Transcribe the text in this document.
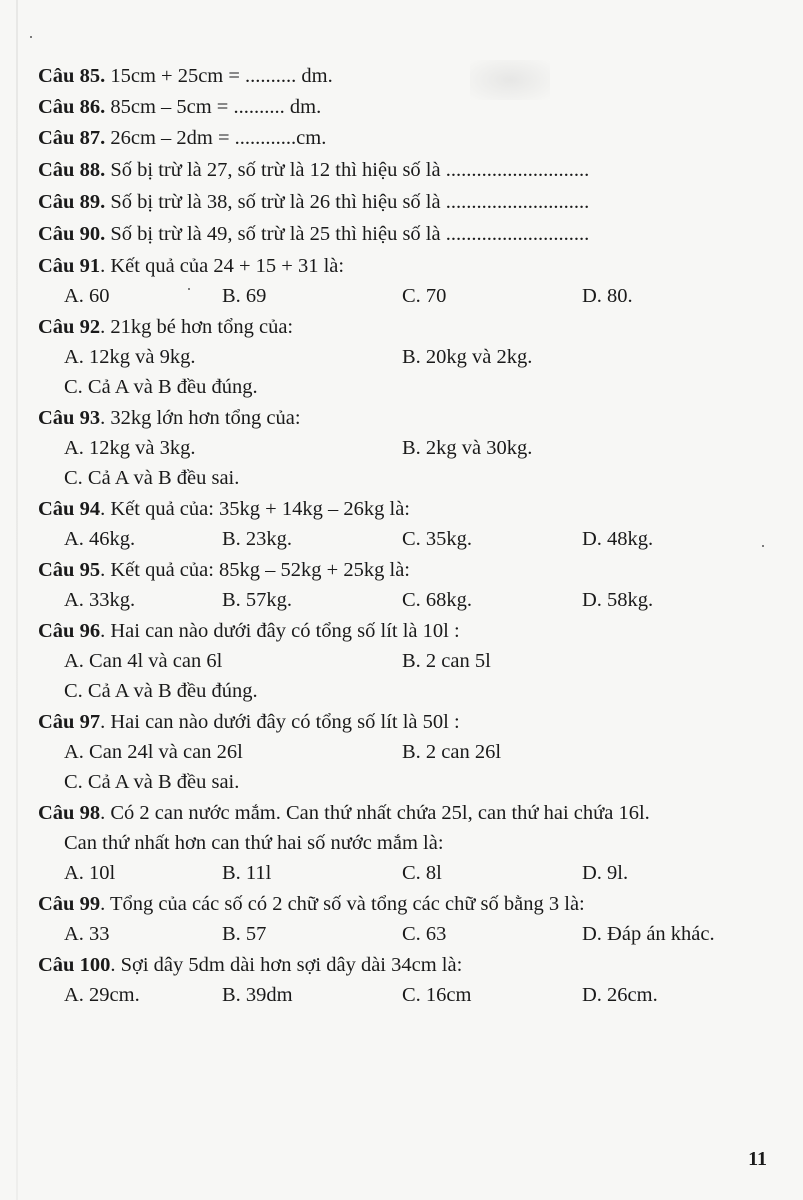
Câu 85. 15cm + 25cm = .......... dm.
Câu 86. 85cm – 5cm = .......... dm.
Câu 87. 26cm – 2dm = ............cm.
Câu 88. Số bị trừ là 27, số trừ là 12 thì hiệu số là ............................
Câu 89. Số bị trừ là 38, số trừ là 26 thì hiệu số là ............................
Câu 90. Số bị trừ là 49, số trừ là 25 thì hiệu số là ............................
Câu 91. Kết quả của 24 + 15 + 31 là:
A. 60	B. 69	C. 70	D. 80.
Câu 92. 21kg bé hơn tổng của:
A. 12kg và 9kg.	B. 20kg và 2kg.
C. Cả A và B đều đúng.
Câu 93. 32kg lớn hơn tổng của:
A. 12kg và 3kg.	B. 2kg và 30kg.
C. Cả A và B đều sai.
Câu 94. Kết quả của: 35kg + 14kg – 26kg là:
A. 46kg.	B. 23kg.	C. 35kg.	D. 48kg.
Câu 95. Kết quả của: 85kg – 52kg + 25kg là:
A. 33kg.	B. 57kg.	C. 68kg.	D. 58kg.
Câu 96. Hai can nào dưới đây có tổng số lít là 10l :
A. Can 4l và can 6l	B. 2 can 5l
C. Cả A và B đều đúng.
Câu 97. Hai can nào dưới đây có tổng số lít là 50l :
A. Can 24l và can 26l	B. 2 can 26l
C. Cả A và B đều sai.
Câu 98. Có 2 can nước mắm. Can thứ nhất chứa 25l, can thứ hai chứa 16l.
Can thứ nhất hơn can thứ hai số nước mắm là:
A. 10l	B. 11l	C. 8l	D. 9l.
Câu 99. Tổng của các số có 2 chữ số và tổng các chữ số bằng 3 là:
A. 33	B. 57	C. 63	D. Đáp án khác.
Câu 100. Sợi dây 5dm dài hơn sợi dây dài 34cm là:
A. 29cm.	B. 39dm	C. 16cm	D. 26cm.
11
